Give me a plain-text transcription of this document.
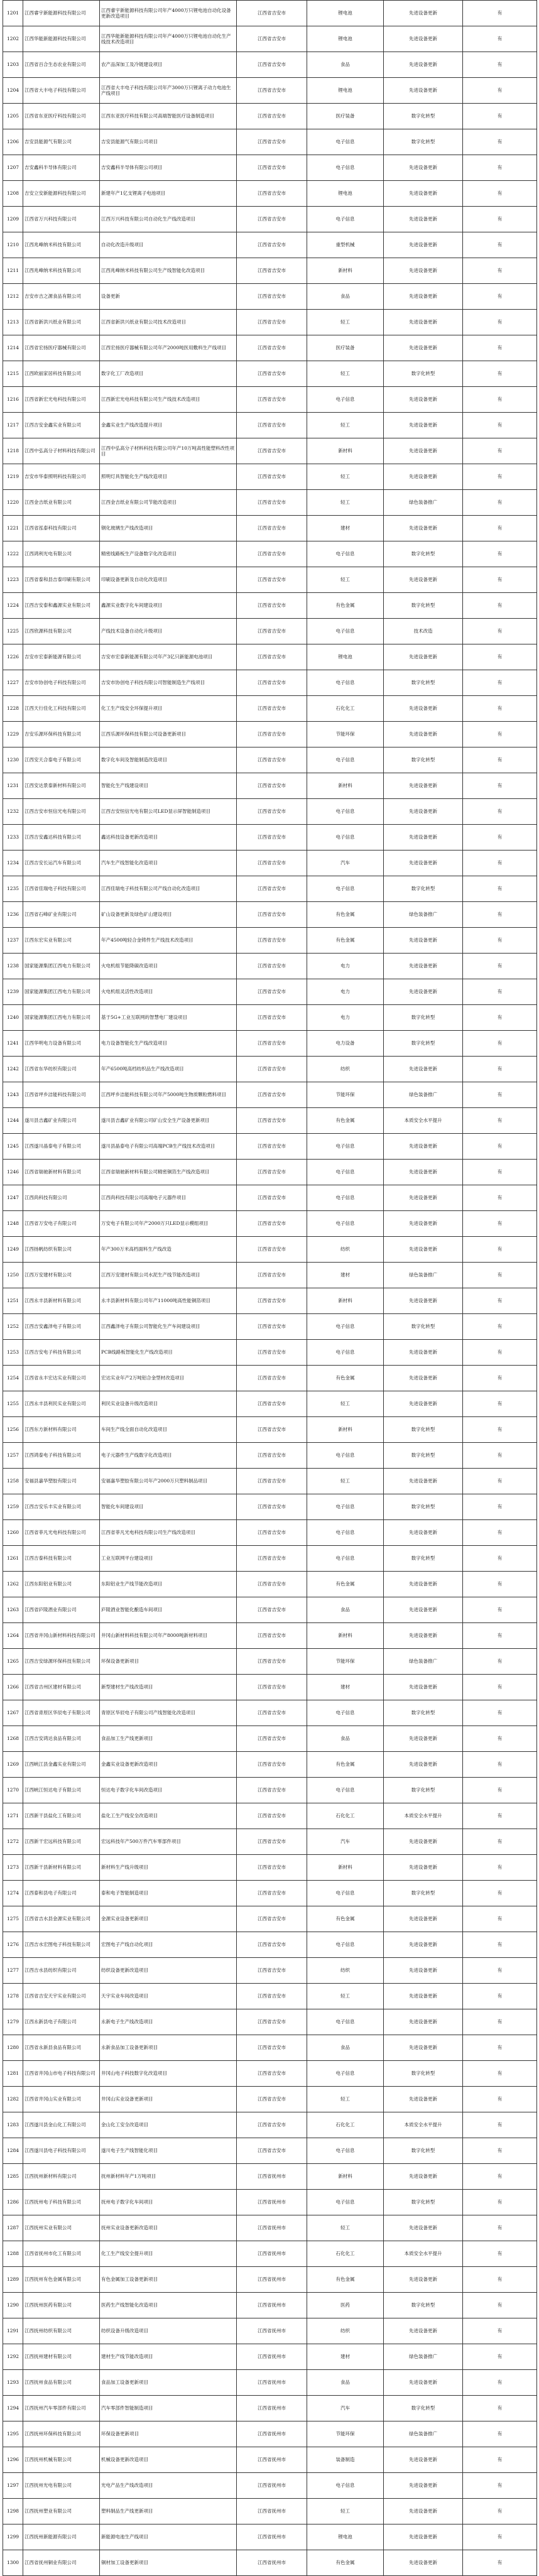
1201	江西睿宇新能源科技有限公司	江西睿宇新能源科技有限公司年产4000万只锂电池自动化设备更新改造项目	江西省吉安市	锂电池	先进设备更新	有
1202	江西华能新能源科技有限公司	江西华能新能源科技有限公司年产4000万只锂电池自动化生产线技术改造项目	江西省吉安市	锂电池	先进设备更新	有
1203	江西省百合生态农业有限公司	农产品深加工及冷链建设项目	江西省吉安市	食品	先进设备更新	有
1204	江西省大丰电子科技有限公司	江西省大丰电子科技有限公司年产3000万只锂离子动力电池生产线项目	江西省吉安市	锂电池	先进设备更新	有
1205	江西省东亚医疗科技有限公司	江西东亚医疗科技有限公司高端智能医疗设备制造项目	江西省吉安市	医疗装备	数字化转型	有
1206	吉安县能源气有限公司	吉安县能源气有限公司项目	江西省吉安市	电子信息	数字化转型	有
1207	吉安鑫科半导体有限公司	吉安鑫科半导体有限公司项目	江西省吉安市	电子信息	先进设备更新	有
1208	吉安立安新能源科技有限公司	新建年产1亿支锂离子电池项目	江西省吉安市	锂电池	先进设备更新	有
1209	江西省万兴科技有限公司	江西万兴科技有限公司自动化生产线改造项目	江西省吉安市	电子信息	先进设备更新	有
1210	江西兆峰纳米科技有限公司	自动化改造升级项目	江西省吉安市	重型机械	先进设备更新	有
1211	江西兆峰纳米科技有限公司	江西兆峰纳米科技有限公司生产线智能化改造项目	江西省吉安市	新材料	先进设备更新	有
1212	吉安市吉之源食品有限公司	设备更新	江西省吉安市	食品	先进设备更新	有
1213	江西省新洪兴纸业有限公司	江西省新洪兴纸业有限公司技术改造项目	江西省吉安市	轻工	先进设备更新	有
1214	江西省宏扬医疗器械有限公司	江西宏扬医疗器械有限公司年产2000吨医用敷料生产线项目	江西省吉安市	医疗装备	先进设备更新	有
1215	江西欧丽家居科技有限公司	数字化工厂改造项目	江西省吉安市	轻工	数字化转型	有
1216	江西省新宏光电科技有限公司	江西新宏光电科技有限公司生产线技术改造项目	江西省吉安市	电子信息	先进设备更新	有
1217	江西吉安金鑫实业有限公司	金鑫实业生产线改造提升项目	江西省吉安市	轻工	先进设备更新	有
1218	江西中弘高分子材料科技有限公司	江西中弘高分子材料科技有限公司年产10万吨高性能塑料改性项目	江西省吉安市	新材料	先进设备更新	有
1219	吉安市华泰照明科技有限公司	照明灯具智能化生产线改造项目	江西省吉安市	轻工	先进设备更新	有
1220	江西金吉纸业有限公司	江西金吉纸业有限公司节能改造项目	江西省吉安市	轻工	绿色装备推广	有
1221	江西省泓泰科技有限公司	钢化玻璃生产线改造项目	江西省吉安市	建材	先进设备更新	有
1222	江西鸿利光电有限公司	精密线路板生产设备数字化改造项目	江西省吉安市	电子信息	数字化转型	有
1223	江西省泰和县吉泰印刷有限公司	印刷设备更新及自动化改造项目	江西省吉安市	轻工	先进设备更新	有
1224	江西吉安泰和鑫源实业有限公司	鑫源实业数字化车间建设项目	江西省吉安市	有色金属	数字化转型	有
1225	江西欣源科技有限公司	产线技术设备自动化升级项目	江西省吉安市	电子信息	技术改造	有
1226	吉安市宏泰新能源有限公司	吉安市宏泰新能源有限公司年产3亿只新能源电池项目	江西省吉安市	锂电池	先进设备更新	有
1227	吉安市协创电子科技有限公司	吉安市协创电子科技有限公司智能制造生产线项目	江西省吉安市	电子信息	数字化转型	有
1228	江西天行佳化工科技有限公司	化工生产线安全环保提升项目	江西省吉安市	石化化工	先进设备更新	有
1229	吉安乐源环保科技有限公司	江西乐源环保科技有限公司设备更新项目	江西省吉安市	节能环保	先进设备更新	有
1230	江西安天合泰电子有限公司	数字化车间及智能制造改造项目	江西省吉安市	电子信息	数字化转型	有
1231	江西安达景泰新材料有限公司	智能化生产线建设项目	江西省吉安市	新材料	先进设备更新	有
1232	江西吉安市恒信光电有限公司	江西吉安恒信光电有限公司LED显示屏智能制造项目	江西省吉安市	电子信息	先进设备更新	有
1233	江西吉安鑫达科技有限公司	鑫达科技设备更新改造项目	江西省吉安市	电子信息	先进设备更新	有
1234	江西吉安长运汽车有限公司	汽车生产线智能化改造项目	江西省吉安市	汽车	先进设备更新	有
1235	江西省佳瑞电子科技有限公司	江西佳瑞电子科技有限公司产线自动化改造项目	江西省吉安市	电子信息	数字化转型	有
1236	江西省石峰矿业有限公司	矿山设备更新及绿色矿山建设项目	江西省吉安市	有色金属	绿色装备推广	有
1237	江西东宏实业有限公司	年产4500吨轻合金铸件生产线技术改造项目	江西省吉安市	有色金属	先进设备更新	有
1238	国家能源集团江西电力有限公司	火电机组节能降碳改造项目	江西省吉安市	电力	先进设备更新	有
1239	国家能源集团江西电力有限公司	火电机组灵活性改造项目	江西省吉安市	电力	先进设备更新	有
1240	国家能源集团江西电力有限公司	基于5G+工业互联网的智慧电厂建设项目	江西省吉安市	电力	数字化转型	有
1241	江西华明电力设备有限公司	电力设备智能化生产线改造项目	江西省吉安市	电力设备	数字化转型	有
1242	江西省东华纺织有限公司	年产6500吨高档纺织品生产线改造项目	江西省吉安市	纺织	先进设备更新	有
1243	江西省坪乡洁能科技有限公司	江西坪乡洁能科技有限公司年产5000吨生物质颗粒燃料项目	江西省吉安市	节能环保	绿色装备推广	有
1244	遂川县吉鑫矿业有限公司	遂川县吉鑫矿业有限公司矿山安全生产设备更新项目	江西省吉安市	有色金属	本质安全水平提升	有
1245	江西遂川晶泰电子有限公司	遂川县晶泰电子有限公司高端PCB生产线技术改造项目	江西省吉安市	电子信息	先进设备更新	有
1246	江西省瑞驰新材料有限公司	江西省瑞驰新材料有限公司精密铜箔生产线改造项目	江西省吉安市	电子信息	先进设备更新	有
1247	江西尚科技有限公司	江西尚科技有限公司高端电子元器件项目	江西省吉安市	电子信息	先进设备更新	有
1248	江西省万安电子有限公司	万安电子有限公司年产2000万只LED显示模组项目	江西省吉安市	电子信息	先进设备更新	有
1249	江西扬帆纺织有限公司	年产300万米高档面料生产线改造	江西省吉安市	纺织	先进设备更新	有
1250	江西万安建材有限公司	江西万安建材有限公司水泥生产线节能改造项目	江西省吉安市	建材	绿色装备推广	有
1251	江西永丰县新材料有限公司	永丰县新材料有限公司年产11000吨高性能铜箔项目	江西省吉安市	新材料	先进设备更新	有
1252	江西吉安鑫泽电子有限公司	江西鑫泽电子有限公司智能化生产车间建设项目	江西省吉安市	电子信息	数字化转型	有
1253	江西吉安电子科技有限公司	PCB线路板智能化生产线改造项目	江西省吉安市	电子信息	先进设备更新	有
1254	江西省永丰宏达实业有限公司	宏达实业年产2万吨铝合金型材改造项目	江西省吉安市	有色金属	先进设备更新	有
1255	江西永丰县利民实业有限公司	利民实业设备升级改造项目	江西省吉安市	轻工	先进设备更新	有
1256	江西东方新材料有限公司	车间生产线全面自动化改造项目	江西省吉安市	新材料	数字化转型	有
1257	江西鸿泰电子科技有限公司	电子元器件生产线数字化改造项目	江西省吉安市	电子信息	数字化转型	有
1258	安福县嘉华塑胶有限公司	安福嘉华塑胶有限公司年产2000万只塑料制品项目	江西省吉安市	轻工	先进设备更新	有
1259	江西吉安乐丰实业有限公司	智能化车间建设项目	江西省吉安市	电子信息	数字化转型	有
1260	江西省菲凡光电科技有限公司	江西省菲凡光电科技有限公司生产线改造项目	江西省吉安市	电子信息	先进设备更新	有
1261	江西吉泰科技有限公司	工业互联网平台建设项目	江西省吉安市	电子信息	数字化转型	有
1262	江西东阳铝业有限公司	东阳铝业生产线节能改造项目	江西省吉安市	有色金属	先进设备更新	有
1263	江西省庐陵酒业有限公司	庐陵酒业智能化酿造车间项目	江西省吉安市	食品	先进设备更新	有
1264	江西省井冈山新材料科技有限公司	井冈山新材料科技有限公司年产8000吨新材料项目	江西省吉安市	新材料	先进设备更新	有
1265	江西吉安绿源环保科技有限公司	环保设备更新项目	江西省吉安市	节能环保	绿色装备推广	有
1266	江西省吉州区建材有限公司	新型建材生产线改造项目	江西省吉安市	建材	先进设备更新	有
1267	江西省青原区华辰电子有限公司	青原区华辰电子有限公司产线智能化改造项目	江西省吉安市	电子信息	数字化转型	有
1268	江西吉安鸿达食品有限公司	食品加工生产线更新项目	江西省吉安市	食品	先进设备更新	有
1269	江西峡江县金鑫实业有限公司	金鑫实业设备更新改造项目	江西省吉安市	有色金属	先进设备更新	有
1270	江西峡江恒达电子有限公司	恒达电子数字化车间改造项目	江西省吉安市	电子信息	数字化转型	有
1271	江西新干县盐化工有限公司	盐化工生产线安全改造项目	江西省吉安市	石化化工	本质安全水平提升	有
1272	江西新干宏远科技有限公司	宏远科技年产500万件汽车零部件项目	江西省吉安市	汽车	先进设备更新	有
1273	江西新干县新材料有限公司	新材料生产线升级项目	江西省吉安市	新材料	先进设备更新	有
1274	江西泰和县电子有限公司	泰和电子智能制造项目	江西省吉安市	电子信息	数字化转型	有
1275	江西省吉水县金源实业有限公司	金源实业设备更新项目	江西省吉安市	有色金属	先进设备更新	有
1276	江西吉水宏图电子科技有限公司	宏图电子产线自动化项目	江西省吉安市	电子信息	先进设备更新	有
1277	江西吉水县纺织有限公司	纺织设备更新改造项目	江西省吉安市	纺织	先进设备更新	有
1278	江西省吉安天宇实业有限公司	天宇实业车间改造项目	江西省吉安市	轻工	先进设备更新	有
1279	江西永新县电子有限公司	永新电子生产线改造项目	江西省吉安市	电子信息	先进设备更新	有
1280	江西省永新县食品有限公司	永新食品加工设备更新项目	江西省吉安市	食品	先进设备更新	有
1281	江西省井冈山市电子科技有限公司	井冈山电子科技数字化改造项目	江西省吉安市	电子信息	数字化转型	有
1282	江西省井冈山实业有限公司	井冈山实业设备更新项目	江西省吉安市	轻工	先进设备更新	有
1283	江西遂川县金山化工有限公司	金山化工安全改造项目	江西省吉安市	石化化工	本质安全水平提升	有
1284	江西遂川县电子科技有限公司	遂川电子生产线智能化项目	江西省吉安市	电子信息	数字化转型	有
1285	江西抚州新材料有限公司	抚州新材料年产1万吨项目	江西省抚州市	新材料	先进设备更新	有
1286	江西抚州电子科技有限公司	抚州电子数字化车间项目	江西省抚州市	电子信息	数字化转型	有
1287	江西抚州实业有限公司	抚州实业设备更新改造项目	江西省抚州市	轻工	先进设备更新	有
1288	江西省抚州市化工有限公司	化工生产线安全提升项目	江西省抚州市	石化化工	本质安全水平提升	有
1289	江西抚州有色金属有限公司	有色金属加工设备更新项目	江西省抚州市	有色金属	先进设备更新	有
1290	江西抚州医药有限公司	医药生产线智能化改造项目	江西省抚州市	医药	数字化转型	有
1291	江西抚州纺织有限公司	纺织设备升级改造项目	江西省抚州市	纺织	先进设备更新	有
1292	江西抚州建材有限公司	建材生产线节能改造项目	江西省抚州市	建材	绿色装备推广	有
1293	江西抚州食品有限公司	食品加工设备更新项目	江西省抚州市	食品	先进设备更新	有
1294	江西抚州汽车零部件有限公司	汽车零部件智能制造项目	江西省抚州市	汽车	数字化转型	有
1295	江西抚州环保科技有限公司	环保设备更新项目	江西省抚州市	节能环保	绿色装备推广	有
1296	江西抚州机械有限公司	机械设备更新改造项目	江西省抚州市	装备制造	先进设备更新	有
1297	江西抚州光电有限公司	光电产品生产线改造项目	江西省抚州市	电子信息	先进设备更新	有
1298	江西抚州塑业有限公司	塑料制品生产线更新项目	江西省抚州市	轻工	先进设备更新	有
1299	江西抚州新能源有限公司	新能源电池生产线项目	江西省抚州市	锂电池	先进设备更新	有
1300	江西省抚州铜业有限公司	铜材加工设备更新项目	江西省抚州市	有色金属	先进设备更新	有
